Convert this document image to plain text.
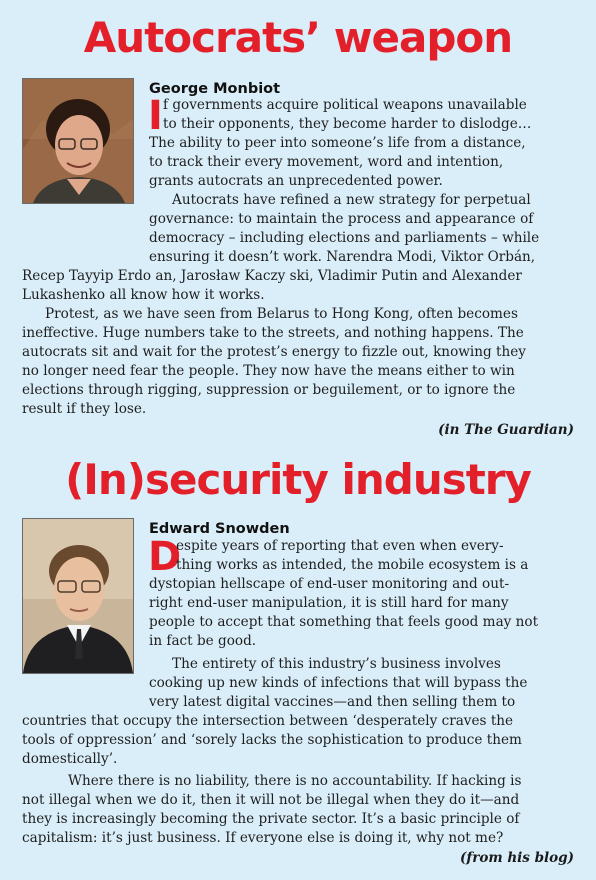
Autocrats’ weapon
George Monbiot
I f governments acquire political weapons unavailable
to their opponents, they become harder to dislodge…
The ability to peer into someone’s life from a distance,
to track their every movement, word and intention,
grants autocrats an unprecedented power.
Autocrats have refined a new strategy for perpetual
governance: to maintain the process and appearance of
democracy – including elections and parliaments – while
ensuring it doesn’t work. Narendra Modi, Viktor Orbán,
Recep Tayyip Erdo an, Jarosław Kaczy ski, Vladimir Putin and Alexander
Lukashenko all know how it works.
Protest, as we have seen from Belarus to Hong Kong, often becomes
ineffective. Huge numbers take to the streets, and nothing happens. The
autocrats sit and wait for the protest’s energy to fizzle out, knowing they
no longer need fear the people. They now have the means either to win
elections through rigging, suppression or beguilement, or to ignore the
result if they lose.
(in The Guardian)
(In)security industry
Edward Snowden
D
espite years of reporting that even when every-
thing works as intended, the mobile ecosystem is a
dystopian hellscape of end-user monitoring and out-
right end-user manipulation, it is still hard for many
people to accept that something that feels good may not
in fact be good.
The entirety of this industry’s business involves
cooking up new kinds of infections that will bypass the
very latest digital vaccines—and then selling them to
countries that occupy the intersection between ‘desperately craves the
tools of oppression’ and ‘sorely lacks the sophistication to produce them
domestically’.
Where there is no liability, there is no accountability. If hacking is
not illegal when we do it, then it will not be illegal when they do it—and
they is increasingly becoming the private sector. It’s a basic principle of
capitalism: it’s just business. If everyone else is doing it, why not me?
(from his blog)
